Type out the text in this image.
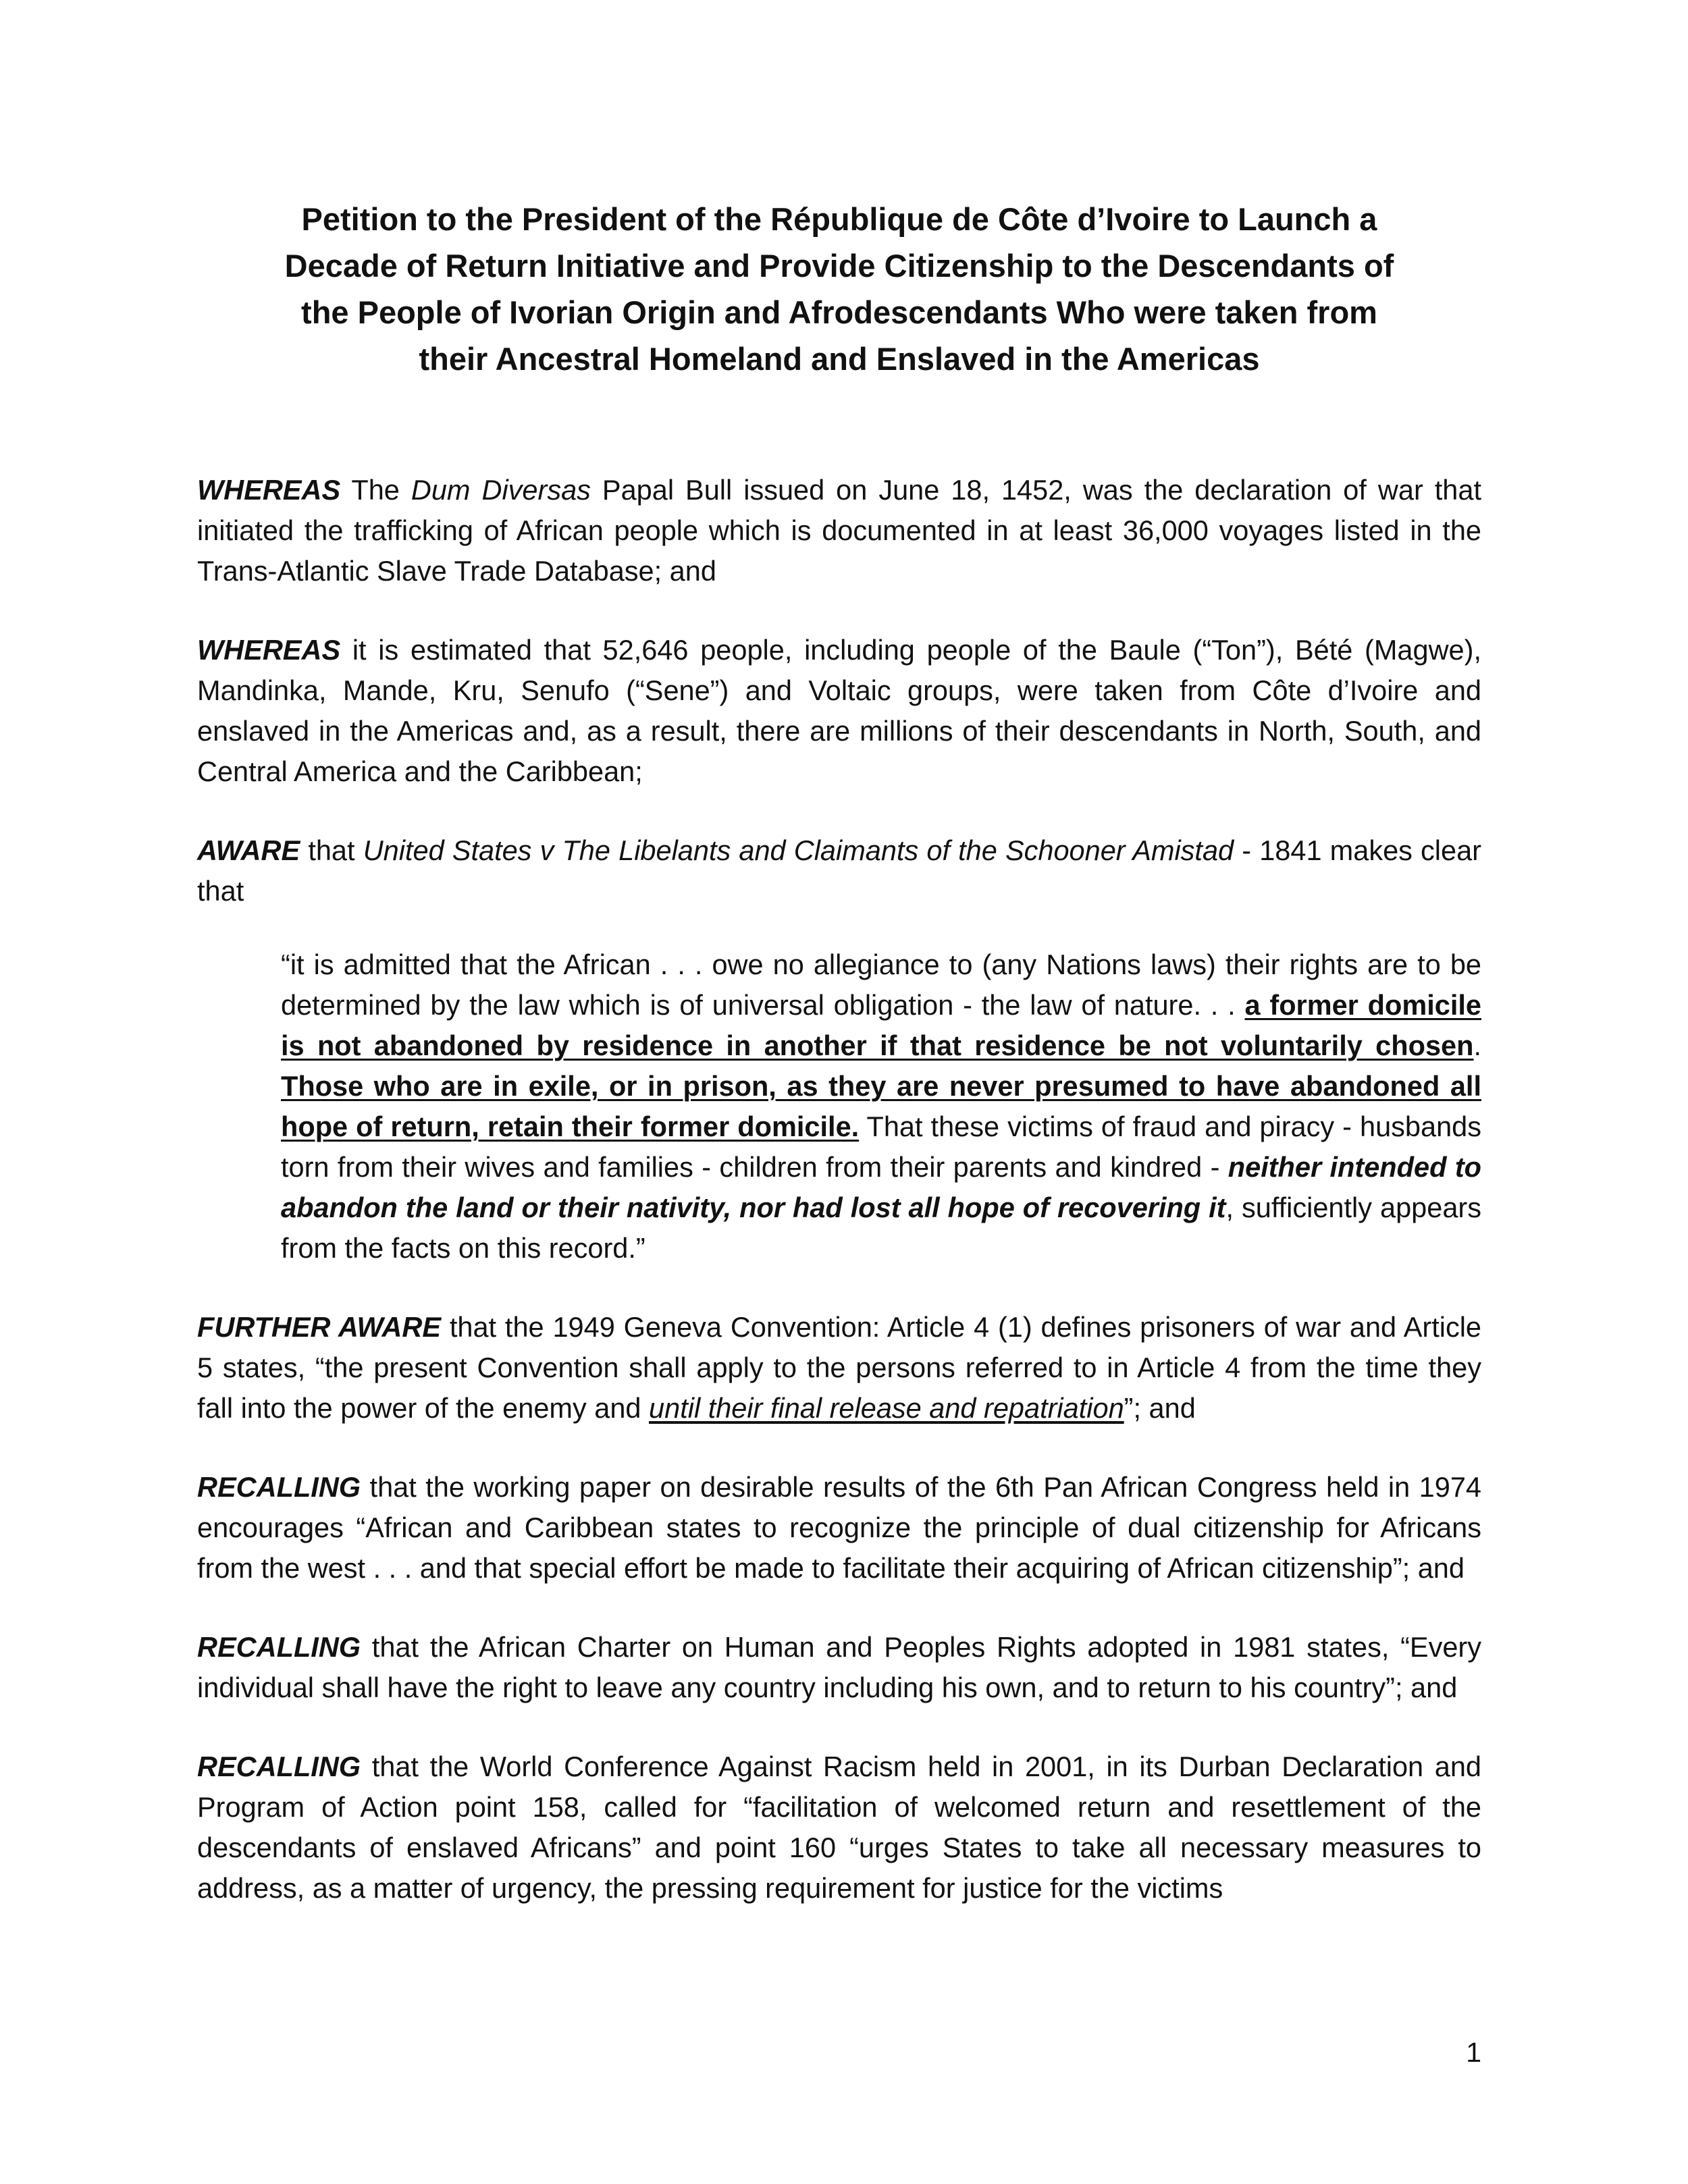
Petition to the President of the République de Côte d’Ivoire to Launch a
Decade of Return Initiative and Provide Citizenship to the Descendants of
the People of Ivorian Origin and Afrodescendants Who were taken from
their Ancestral Homeland and Enslaved in the Americas

WHEREAS The Dum Diversas Papal Bull issued on June 18, 1452, was the declaration of war that initiated the trafficking of African people which is documented in at least 36,000 voyages listed in the Trans-Atlantic Slave Trade Database; and

WHEREAS it is estimated that 52,646 people, including people of the Baule (“Ton”), Bété (Magwe), Mandinka, Mande, Kru, Senufo (“Sene”) and Voltaic groups, were taken from Côte d’Ivoire and enslaved in the Americas and, as a result, there are millions of their descendants in North, South, and Central America and the Caribbean;

AWARE that United States v The Libelants and Claimants of the Schooner Amistad - 1841 makes clear that

“it is admitted that the African . . . owe no allegiance to (any Nations laws) their rights are to be determined by the law which is of universal obligation - the law of nature. . . a former domicile is not abandoned by residence in another if that residence be not voluntarily chosen. Those who are in exile, or in prison, as they are never presumed to have abandoned all hope of return, retain their former domicile. That these victims of fraud and piracy - husbands torn from their wives and families - children from their parents and kindred - neither intended to abandon the land or their nativity, nor had lost all hope of recovering it, sufficiently appears from the facts on this record.”

FURTHER AWARE that the 1949 Geneva Convention: Article 4 (1) defines prisoners of war and Article 5 states, “the present Convention shall apply to the persons referred to in Article 4 from the time they fall into the power of the enemy and until their final release and repatriation”; and

RECALLING that the working paper on desirable results of the 6th Pan African Congress held in 1974 encourages “African and Caribbean states to recognize the principle of dual citizenship for Africans from the west . . . and that special effort be made to facilitate their acquiring of African citizenship”; and

RECALLING that the African Charter on Human and Peoples Rights adopted in 1981 states, “Every individual shall have the right to leave any country including his own, and to return to his country”; and

RECALLING that the World Conference Against Racism held in 2001, in its Durban Declaration and Program of Action point 158, called for “facilitation of welcomed return and resettlement of the descendants of enslaved Africans” and point 160 “urges States to take all necessary measures to address, as a matter of urgency, the pressing requirement for justice for the victims

1
